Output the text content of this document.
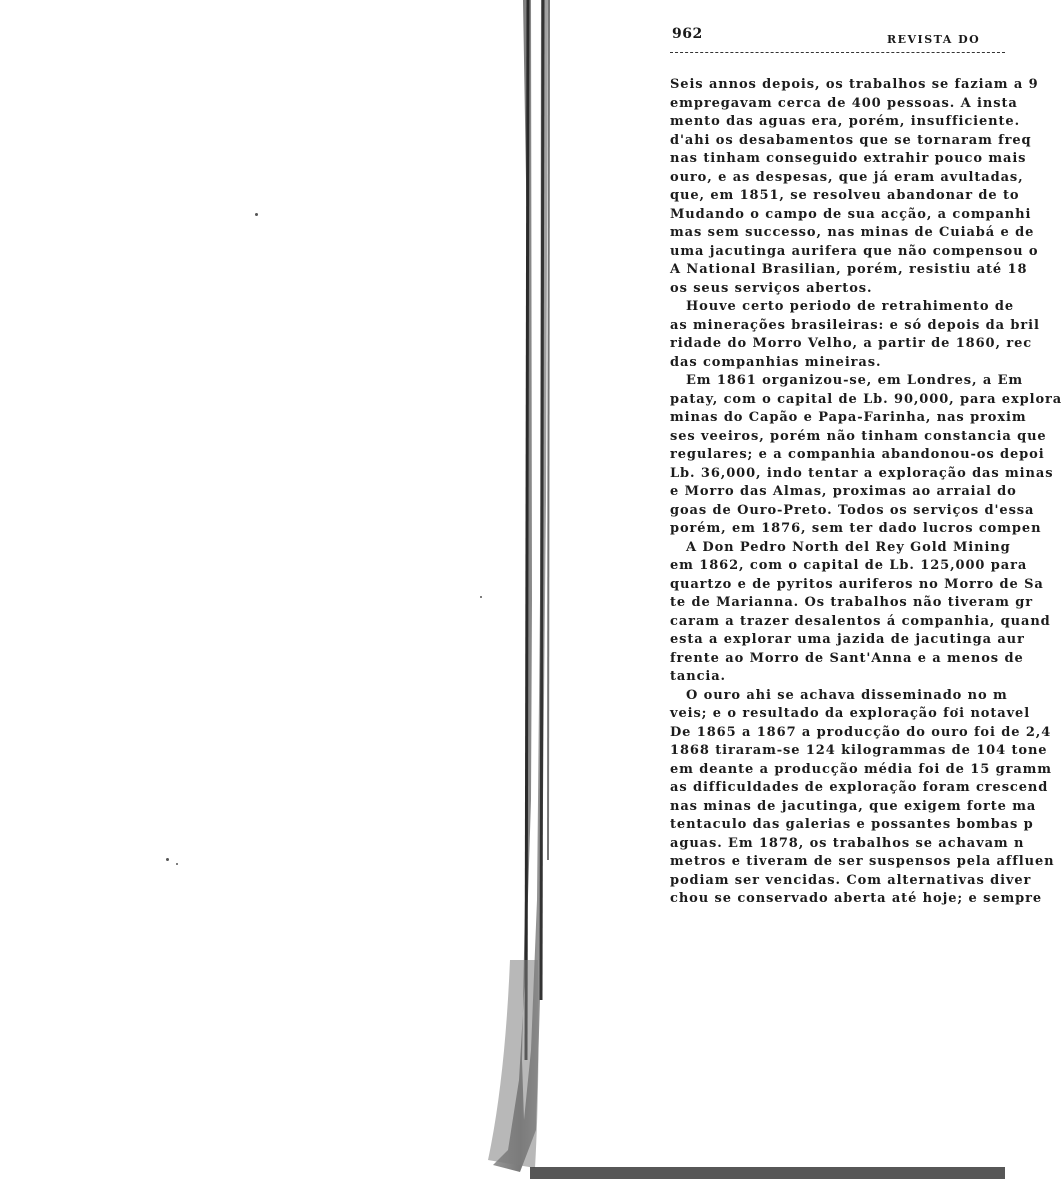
962	REVISTA DO
Seis annos depois, os trabalhos se faziam a 9
empregavam cerca de 400 pessoas. A insta
mento das aguas era, porém, insufficiente.
d'ahi os desabamentos que se tornaram freq
nas tinham conseguido extrahir pouco mais
ouro, e as despesas, que já eram avultadas,
que, em 1851, se resolveu abandonar de to
Mudando o campo de sua acção, a companhi
mas sem successo, nas minas de Cuiabá e de
uma jacutinga aurifera que não compensou o
A National Brasilian, porém, resistiu até 18
os seus serviços abertos.
Houve certo periodo de retrahimento de
as minerações brasileiras: e só depois da bril
ridade do Morro Velho, a partir de 1860, rec
das companhias mineiras.
Em 1861 organizou-se, em Londres, a Em
patay, com o capital de Lb. 90,000, para explora
minas do Capão e Papa-Farinha, nas proxim
ses veeiros, porém não tinham constancia que
regulares; e a companhia abandonou-os depoi
Lb. 36,000, indo tentar a exploração das minas
e Morro das Almas, proximas ao arraial do
goas de Ouro-Preto. Todos os serviços d'essa
porém, em 1876, sem ter dado lucros compen
A Don Pedro North del Rey Gold Mining
em 1862, com o capital de Lb. 125,000 para
quartzo e de pyritos auriferos no Morro de Sa
te de Marianna. Os trabalhos não tiveram gr
caram a trazer desalentos á companhia, quand
esta a explorar uma jazida de jacutinga aur
frente ao Morro de Sant'Anna e a menos de
tancia.
O ouro ahi se achava disseminado no m
veis; e o resultado da exploração foi notavel
De 1865 a 1867 a producção do ouro foi de 2,4
1868 tiraram-se 124 kilogrammas de 104 tone
em deante a producção média foi de 15 gramm
as difficuldades de exploração foram crescend
nas minas de jacutinga, que exigem forte ma
tentaculo das galerias e possantes bombas p
aguas. Em 1878, os trabalhos se achavam n
metros e tiveram de ser suspensos pela affluen
podiam ser vencidas. Com alternativas diver
chou se conservado aberta até hoje; e sempre
